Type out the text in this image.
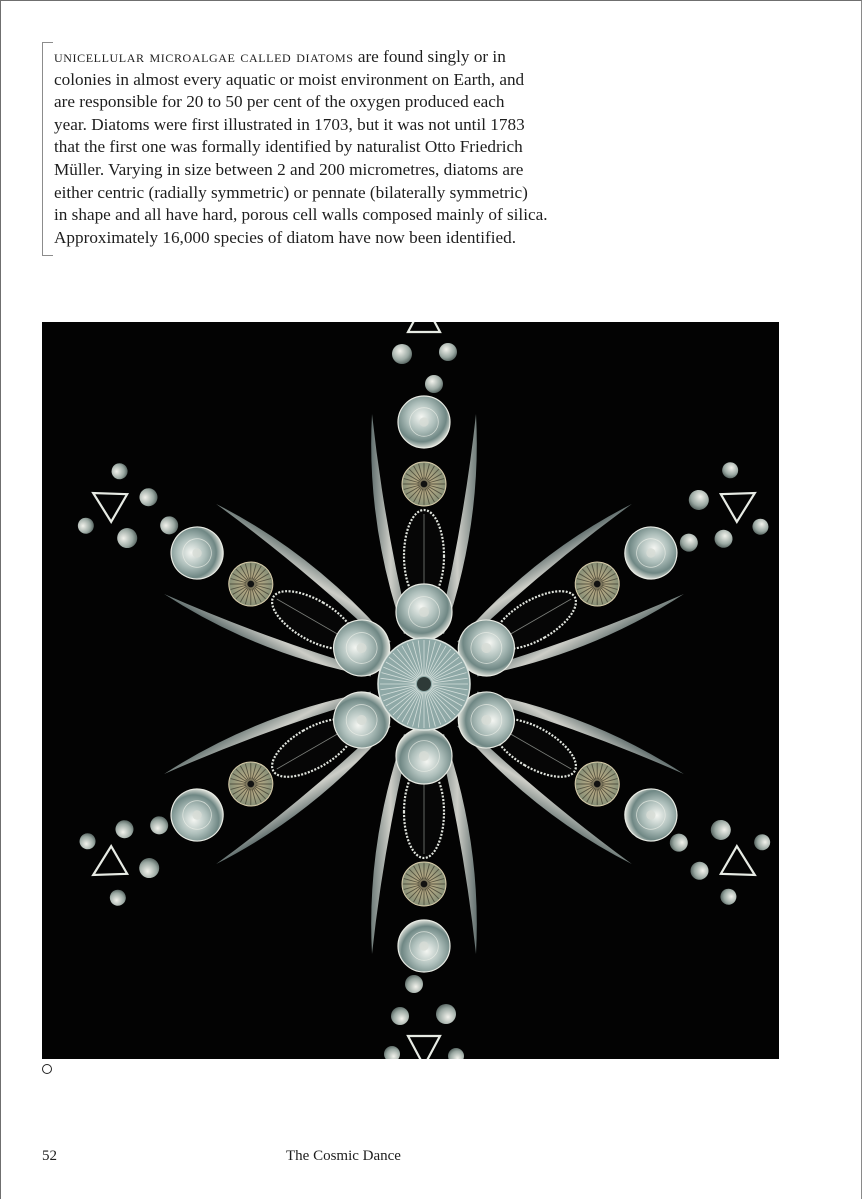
unicellular microalgae called diatoms are found singly or in
colonies in almost every aquatic or moist environment on Earth, and
are responsible for 20 to 50 per cent of the oxygen produced each
year. Diatoms were first illustrated in 1703, but it was not until 1783
that the first one was formally identified by naturalist Otto Friedrich
Müller. Varying in size between 2 and 200 micrometres, diatoms are
either centric (radially symmetric) or pennate (bilaterally symmetric)
in shape and all have hard, porous cell walls composed mainly of silica.
Approximately 16,000 species of diatom have now been identified.

52	The Cosmic Dance
